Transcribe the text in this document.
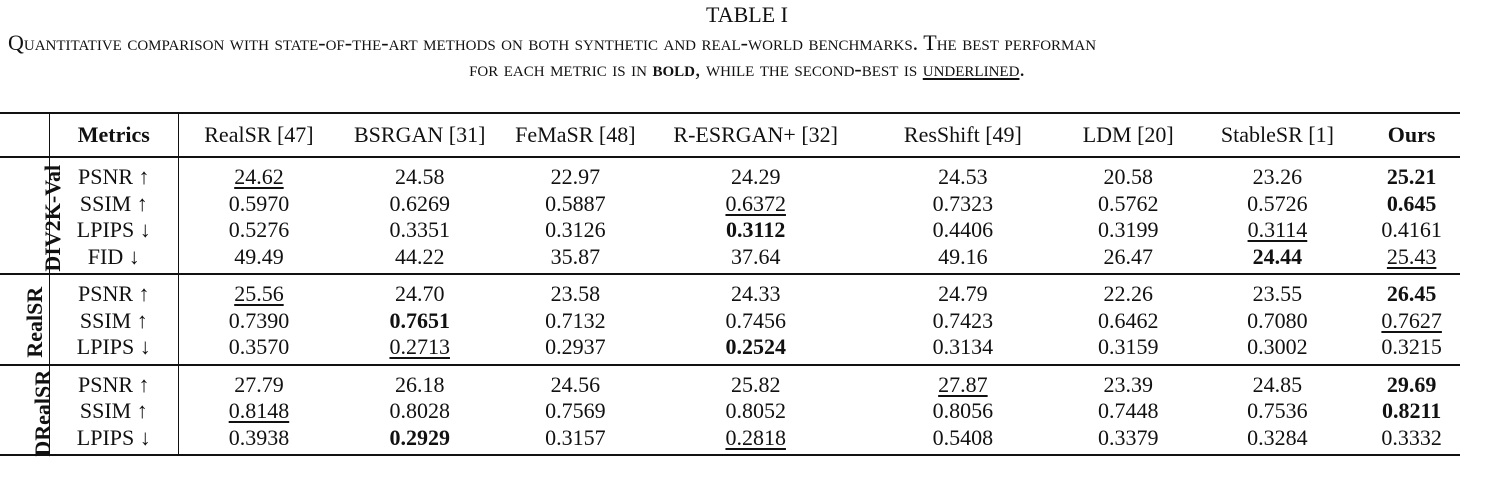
TABLE I
Quantitative comparison with state-of-the-art methods on both synthetic and real-world benchmarks. The best performan
for each metric is in bold, while the second-best is underlined.
	Metrics	RealSR [47]	BSRGAN [31]	FeMaSR [48]	R-ESRGAN+ [32]	ResShift [49]	LDM [20]	StableSR [1]	Ours
DIV2K-Val	PSNR ↑	24.62	24.58	22.97	24.29	24.53	20.58	23.26	25.21
	SSIM ↑	0.5970	0.6269	0.5887	0.6372	0.7323	0.5762	0.5726	0.645
	LPIPS ↓	0.5276	0.3351	0.3126	0.3112	0.4406	0.3199	0.3114	0.4161
	FID ↓	49.49	44.22	35.87	37.64	49.16	26.47	24.44	25.43
RealSR	PSNR ↑	25.56	24.70	23.58	24.33	24.79	22.26	23.55	26.45
	SSIM ↑	0.7390	0.7651	0.7132	0.7456	0.7423	0.6462	0.7080	0.7627
	LPIPS ↓	0.3570	0.2713	0.2937	0.2524	0.3134	0.3159	0.3002	0.3215
DRealSR	PSNR ↑	27.79	26.18	24.56	25.82	27.87	23.39	24.85	29.69
	SSIM ↑	0.8148	0.8028	0.7569	0.8052	0.8056	0.7448	0.7536	0.8211
	LPIPS ↓	0.3938	0.2929	0.3157	0.2818	0.5408	0.3379	0.3284	0.3332
